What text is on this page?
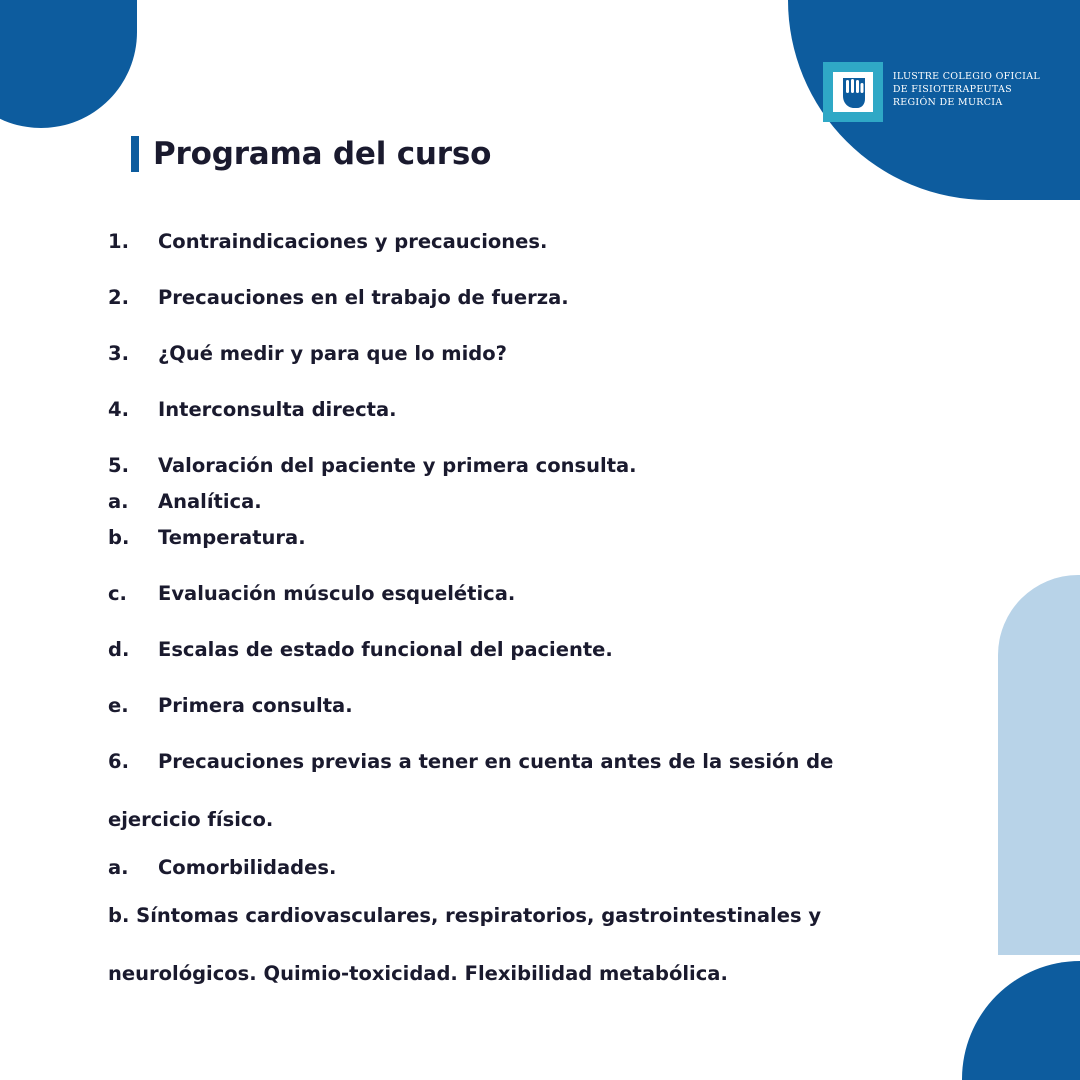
ILUSTRE COLEGIO OFICIAL
DE FISIOTERAPEUTAS
REGIÓN DE MURCIA
Programa del curso
1.	Contraindicaciones y precauciones.
2.	Precauciones en el trabajo de fuerza.
3.	¿Qué medir y para que lo mido?
4.	Interconsulta directa.
5.	Valoración del paciente y primera consulta.
a.	Analítica.
b.	Temperatura.
c.	Evaluación músculo esquelética.
d.	Escalas de estado funcional del paciente.
e.	Primera consulta.
6.	Precauciones previas a tener en cuenta antes de la sesión de
ejercicio físico.
a.	Comorbilidades.
b. Síntomas cardiovasculares, respiratorios, gastrointestinales y
neurológicos. Quimio-toxicidad. Flexibilidad metabólica.
